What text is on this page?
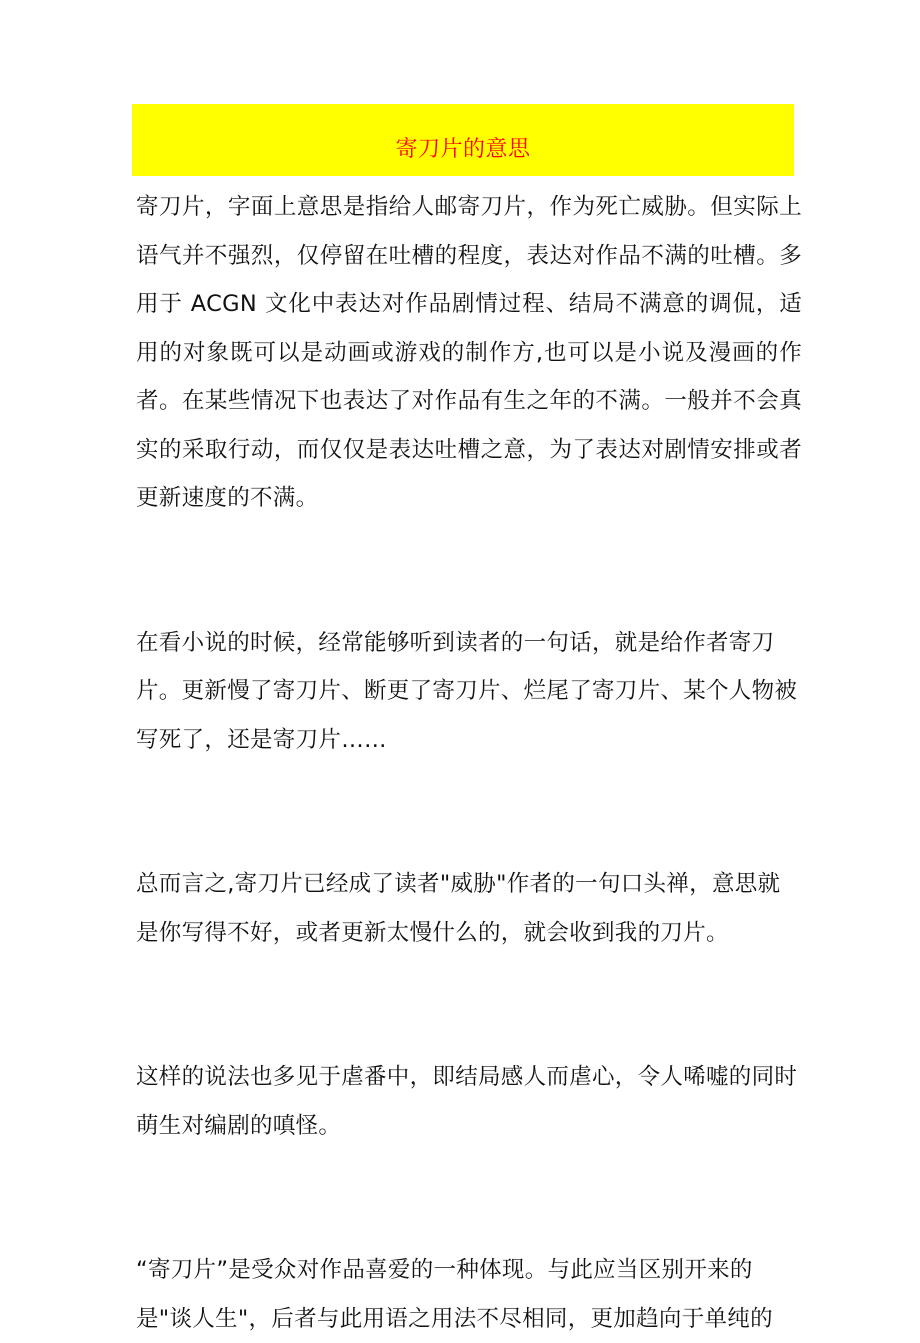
寄刀片的意思

寄刀片，字面上意思是指给人邮寄刀片，作为死亡威胁。但实际上语气并不强烈，仅停留在吐槽的程度，表达对作品不满的吐槽。多用于 ACGN 文化中表达对作品剧情过程、结局不满意的调侃，适用的对象既可以是动画或游戏的制作方,也可以是小说及漫画的作者。在某些情况下也表达了对作品有生之年的不满。一般并不会真实的采取行动，而仅仅是表达吐槽之意，为了表达对剧情安排或者更新速度的不满。

在看小说的时候，经常能够听到读者的一句话，就是给作者寄刀片。更新慢了寄刀片、断更了寄刀片、烂尾了寄刀片、某个人物被写死了，还是寄刀片……

总而言之,寄刀片已经成了读者"威胁"作者的一句口头禅，意思就是你写得不好，或者更新太慢什么的，就会收到我的刀片。

这样的说法也多见于虐番中，即结局感人而虐心，令人唏嘘的同时萌生对编剧的嗔怪。

“寄刀片”是受众对作品喜爱的一种体现。与此应当区别开来的是"谈人生"，后者与此用语之用法不尽相同，更加趋向于单纯的
